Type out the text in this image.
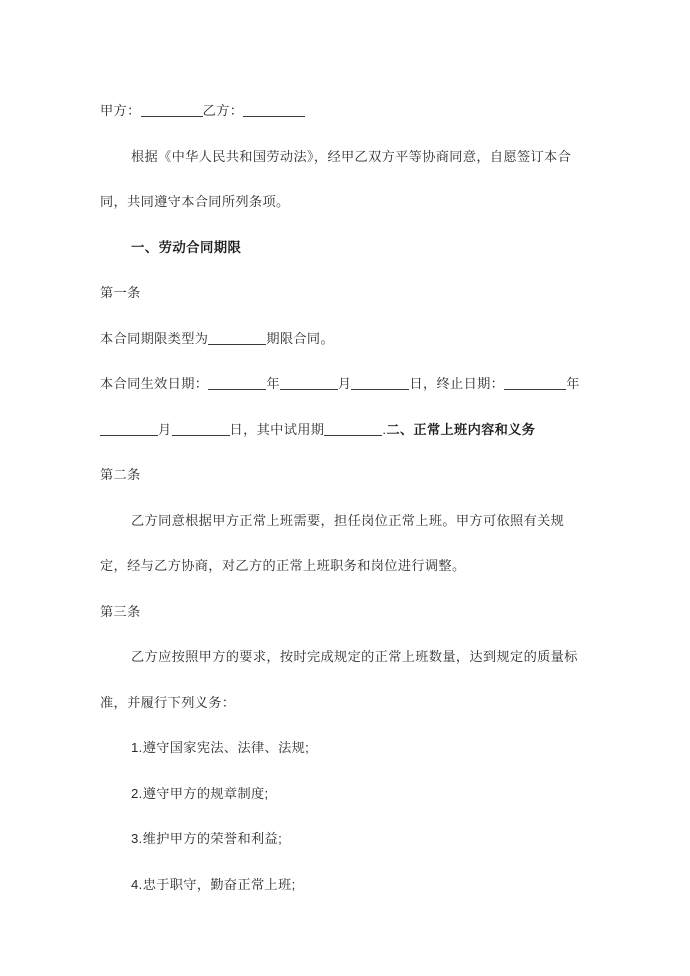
甲方：	乙方：
根据《中华人民共和国劳动法》，经甲乙双方平等协商同意，自愿签订本合同，共同遵守本合同所列条项。
一、劳动合同期限
第一条
本合同期限类型为	期限合同。
本合同生效日期：	年	月	日，终止日期：	年月	日，其中试用期	.二、正常上班内容和义务
第二条
乙方同意根据甲方正常上班需要，担任岗位正常上班。甲方可依照有关规定，经与乙方协商，对乙方的正常上班职务和岗位进行调整。
第三条
乙方应按照甲方的要求，按时完成规定的正常上班数量，达到规定的质量标准，并履行下列义务：
1.遵守国家宪法、法律、法规;
2.遵守甲方的规章制度;
3.维护甲方的荣誉和利益;
4.忠于职守，勤奋正常上班;
